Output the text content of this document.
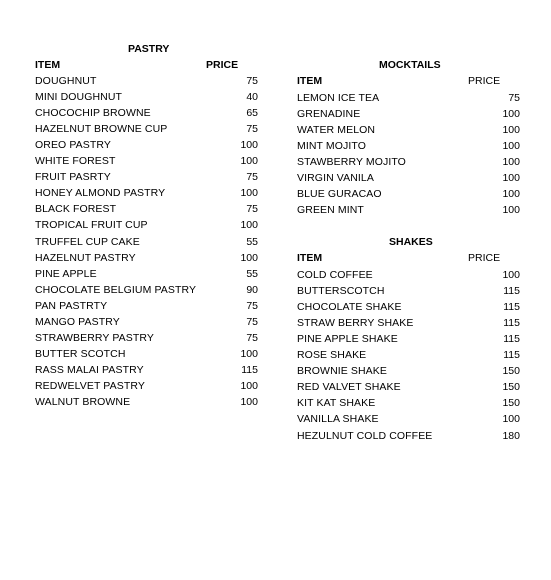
PASTRY
ITEM	PRICE
DOUGHNUT	75
MINI DOUGHNUT	40
CHOCOCHIP BROWNE	65
HAZELNUT BROWNE CUP	75
OREO PASTRY	100
WHITE FOREST	100
FRUIT PASRTY	75
HONEY ALMOND PASTRY	100
BLACK FOREST	75
TROPICAL FRUIT CUP	100
TRUFFEL CUP CAKE	55
HAZELNUT PASTRY	100
PINE APPLE	55
CHOCOLATE BELGIUM PASTRY	90
PAN PASTRTY	75
MANGO PASTRY	75
STRAWBERRY PASTRY	75
BUTTER SCOTCH	100
RASS MALAI PASTRY	115
REDWELVET PASTRY	100
WALNUT BROWNE	100
MOCKTAILS
ITEM	PRICE
LEMON ICE TEA	75
GRENADINE	100
WATER MELON	100
MINT MOJITO	100
STAWBERRY MOJITO	100
VIRGIN VANILA	100
BLUE GURACAO	100
GREEN MINT	100
SHAKES
ITEM	PRICE
COLD COFFEE	100
BUTTERSCOTCH	115
CHOCOLATE SHAKE	115
STRAW BERRY SHAKE	115
PINE APPLE SHAKE	115
ROSE SHAKE	115
BROWNIE SHAKE	150
RED VALVET SHAKE	150
KIT KAT SHAKE	150
VANILLA SHAKE	100
HEZULNUT COLD COFFEE	180
